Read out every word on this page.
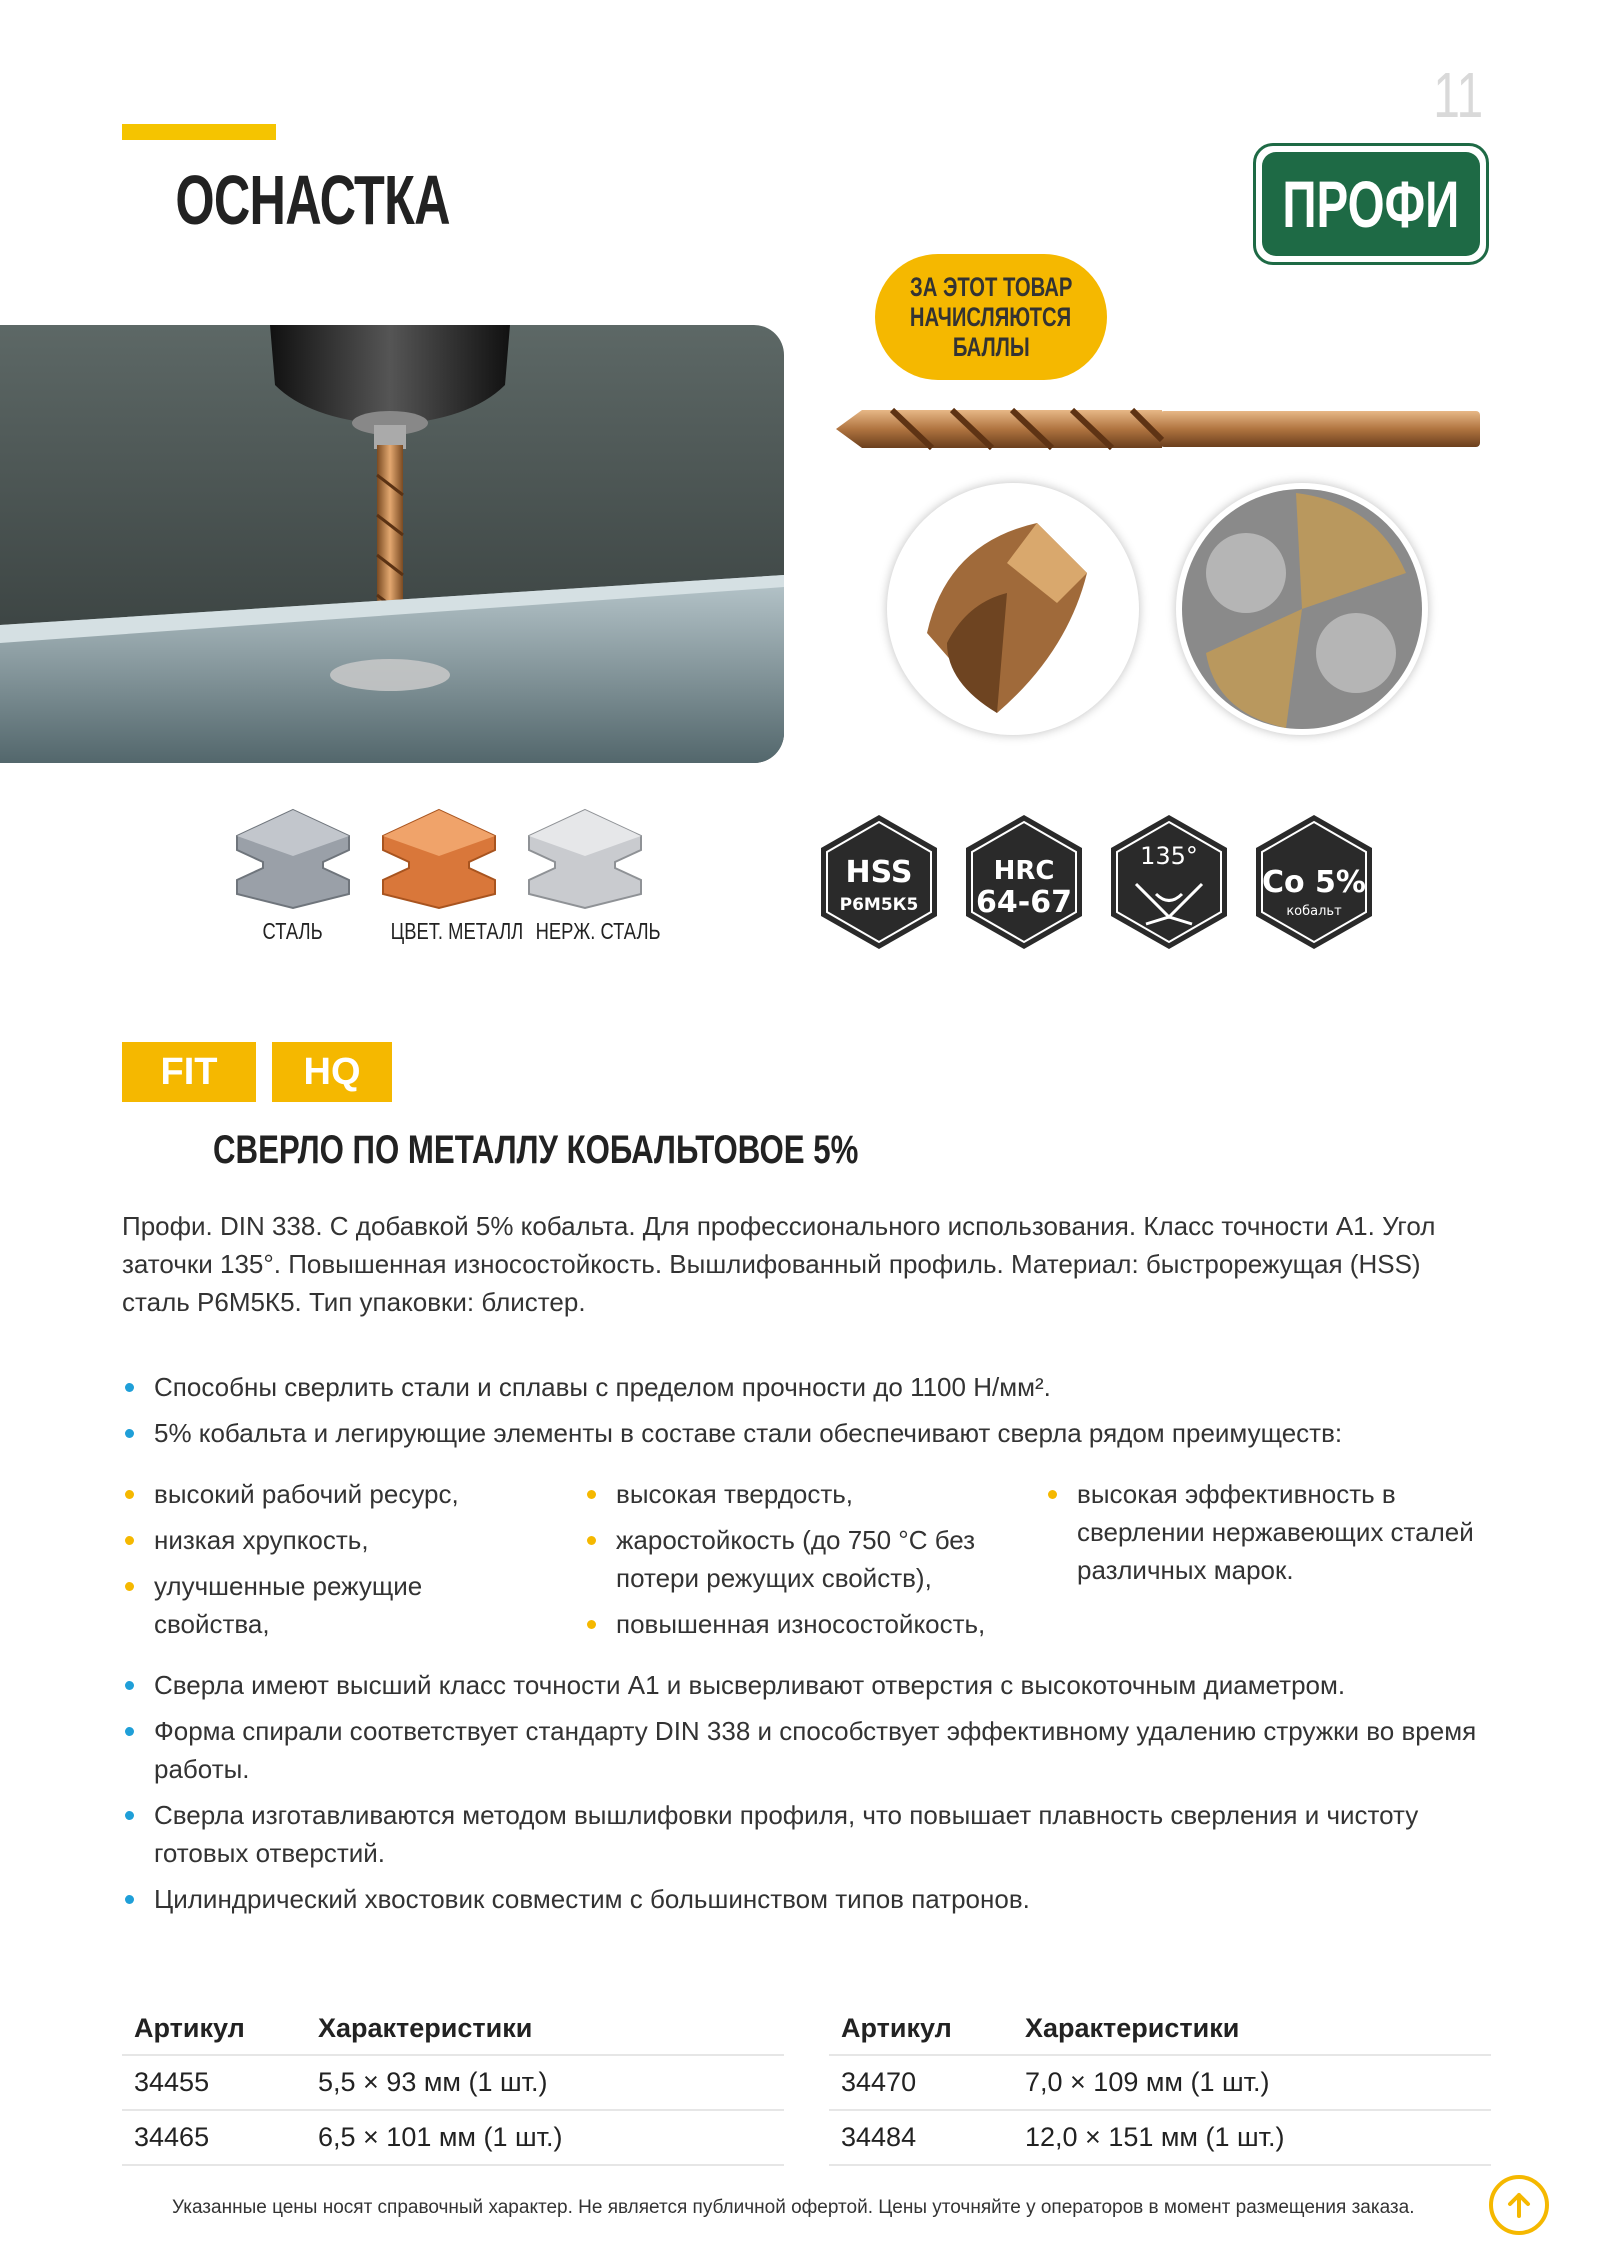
ОСНАСТКА
11
ПРОФИ
ЗА ЭТОТ ТОВАР
НАЧИСЛЯЮТСЯ
БАЛЛЫ
СТАЛЬ	ЦВЕТ. МЕТАЛЛ НЕРЖ. СТАЛЬ
HSS
Р6М5К5
HRC
64-67
135°
Co 5%
кобальт
FIT HQ
СВЕРЛО ПО МЕТАЛЛУ КОБАЛЬТОВОЕ 5%
Профи. DIN 338. С добавкой 5% кобальта. Для профессионального использования. Класс точности А1. Угол заточки 135°. Повышенная износостойкость. Вышлифованный профиль. Материал: быстрорежущая (HSS) сталь Р6М5К5. Тип упаковки: блистер.
Способны сверлить стали и сплавы с пределом прочности до 1100 Н/мм².
5% кобальта и легирующие элементы в составе стали обеспечивают сверла рядом преимуществ:
высокий рабочий ресурс,
низкая хрупкость,
улучшенные режущие свойства,
высокая твердость,
жаростойкость (до 750 °С без потери режущих свойств),
повышенная износостойкость,
высокая эффективность в сверлении нержавеющих сталей различных марок.
Сверла имеют высший класс точности А1 и высверливают отверстия с высокоточным диаметром.
Форма спирали соответствует стандарту DIN 338 и способствует эффективному удалению стружки во время работы.
Сверла изготавливаются методом вышлифовки профиля, что повышает плавность сверления и чистоту готовых отверстий.
Цилиндрический хвостовик совместим с большинством типов патронов.
Артикул	Характеристики
34455	5,5 × 93 мм (1 шт.)
34465	6,5 × 101 мм (1 шт.)
Артикул	Характеристики
34470	7,0 × 109 мм (1 шт.)
34484	12,0 × 151 мм (1 шт.)
Указанные цены носят справочный характер. Не является публичной офертой. Цены уточняйте у операторов в момент размещения заказа.
